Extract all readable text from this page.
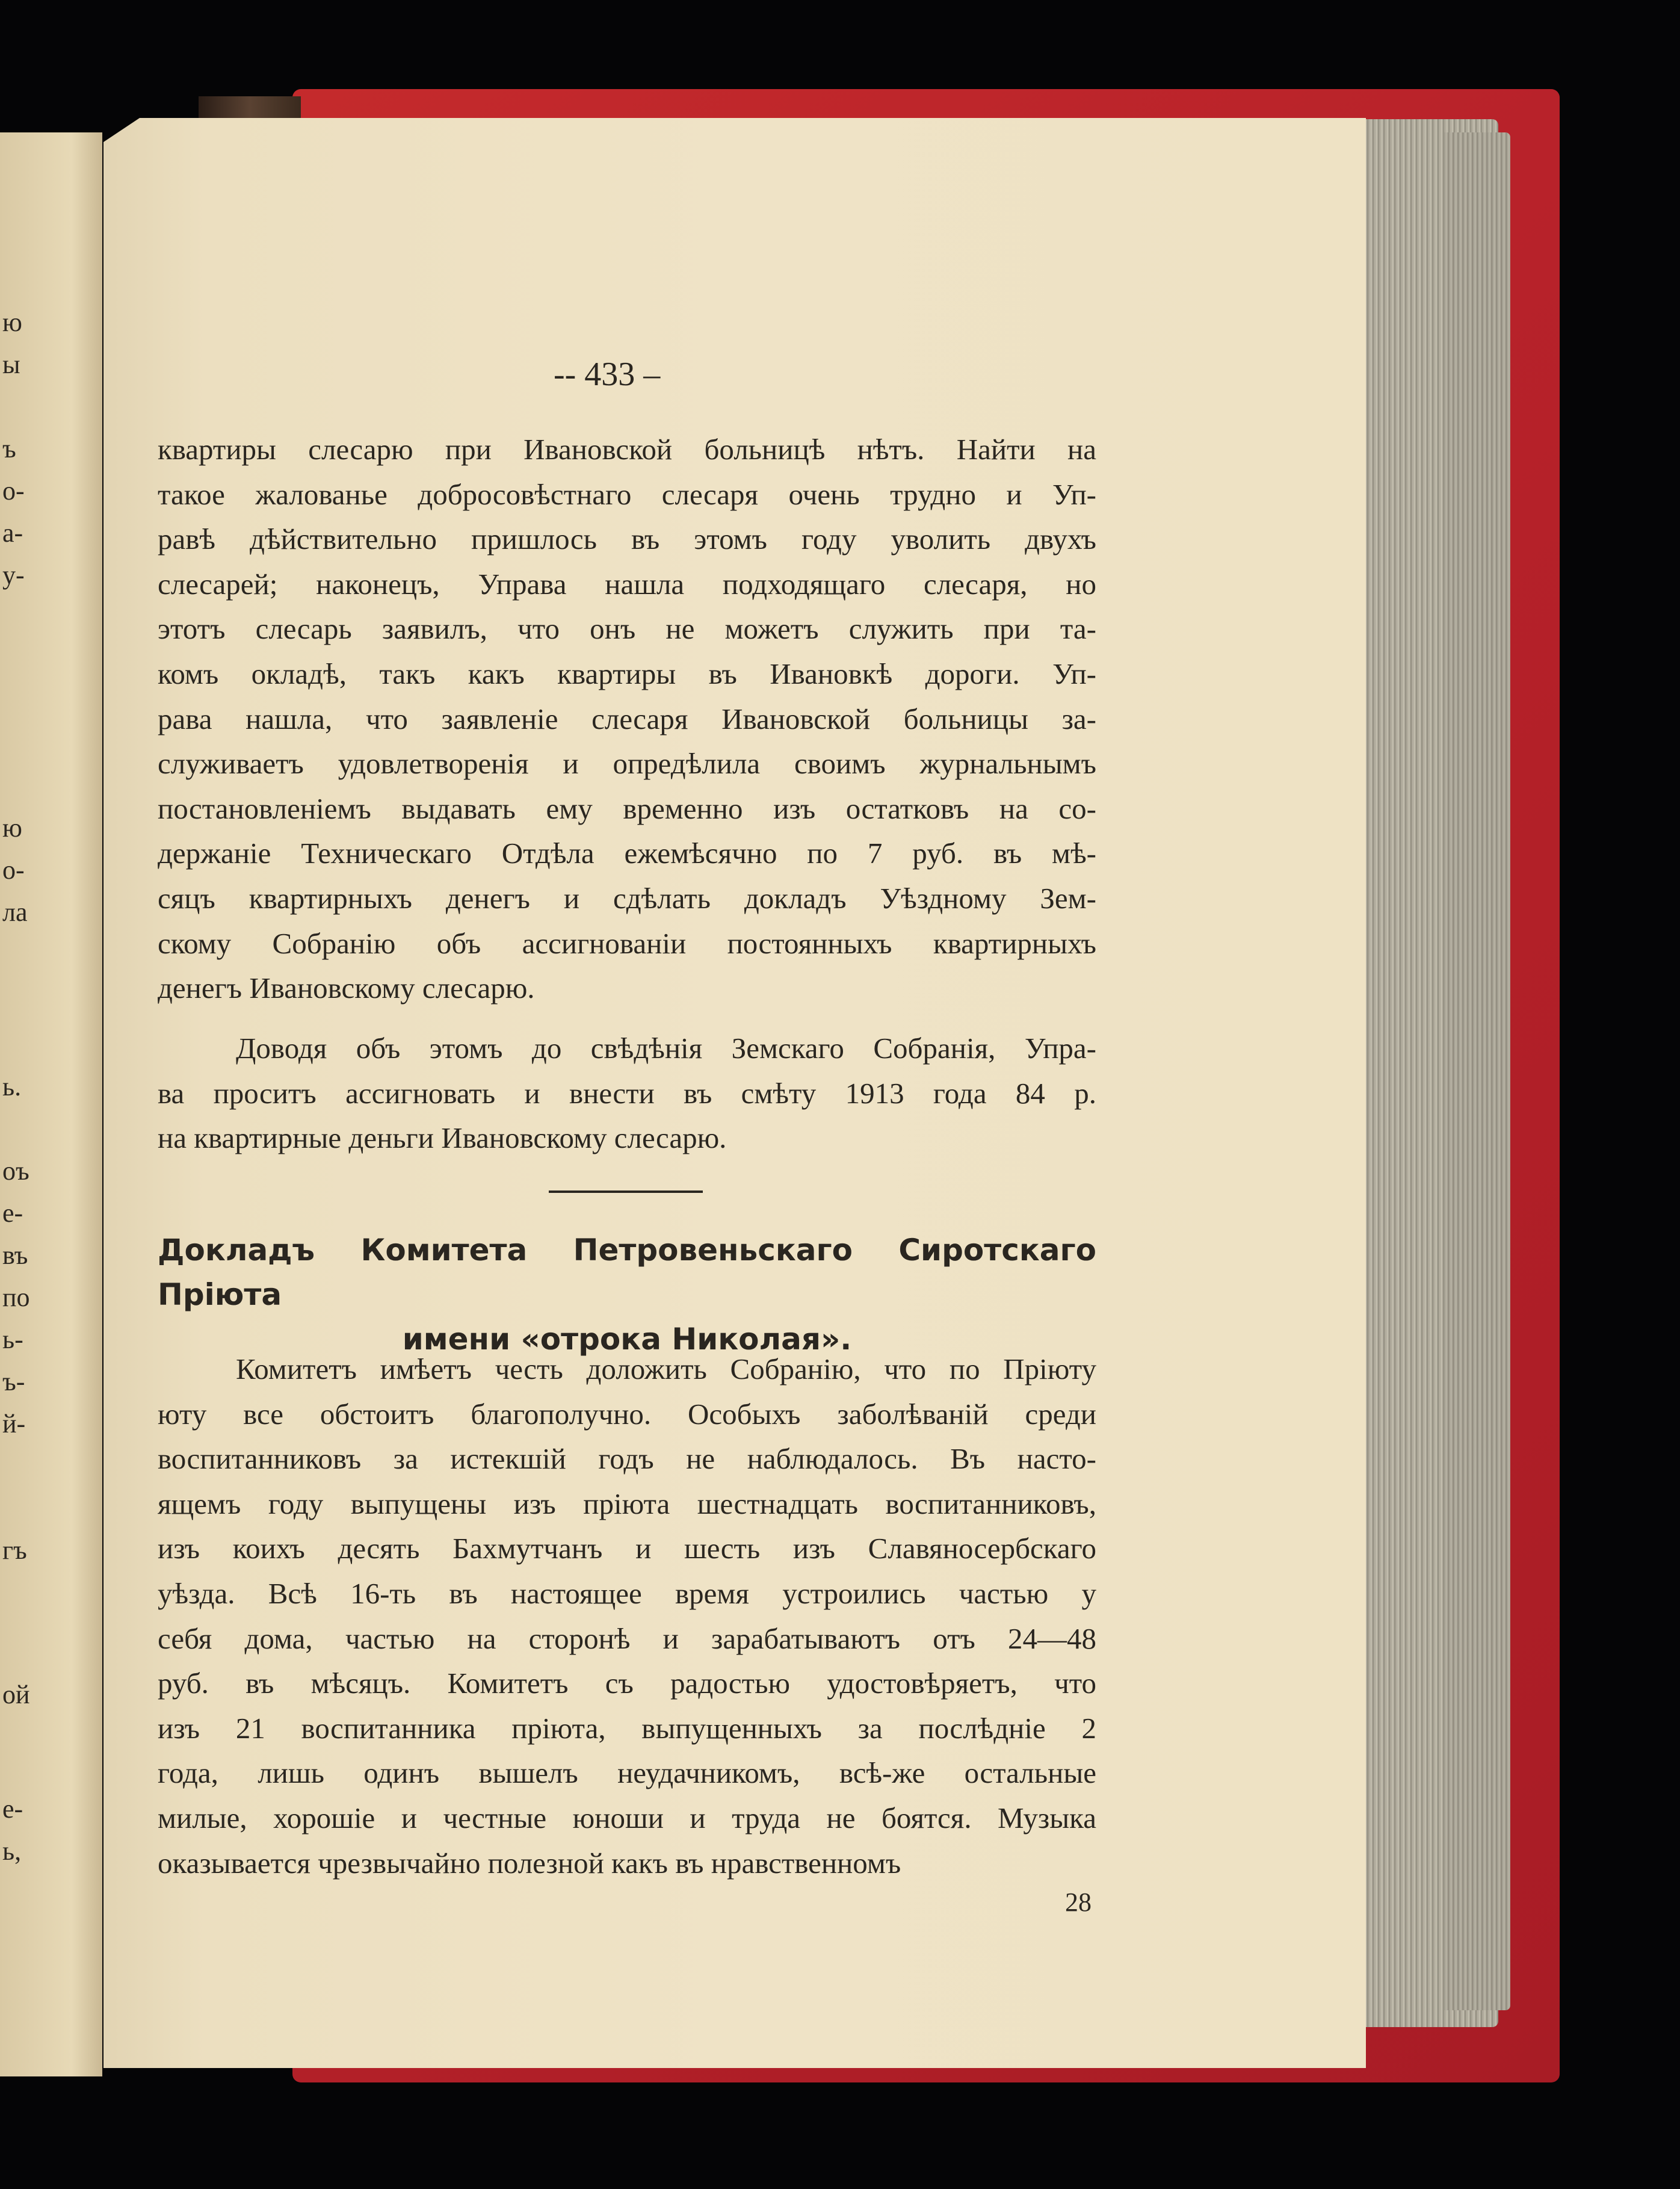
ю
ы
ъ
о-
а-
у-
ю
о-
ла
ь.
оъ
е-
въ
по
ь-
ъ-
й-
гъ
ой
е-
ь,
-- 433 –

квартиры слесарю при Ивановской больницѣ нѣтъ. Найти на

такое жалованье добросовѣстнаго слесаря очень трудно и Уп-

равѣ дѣйствительно пришлось въ этомъ году уволить двухъ

слесарей; наконецъ, Управа нашла подходящаго слесаря, но

этотъ слесарь заявилъ, что онъ не можетъ служить при та-

комъ окладѣ, такъ какъ квартиры въ Ивановкѣ дороги. Уп-

рава нашла, что заявленіе слесаря Ивановской больницы за-

служиваетъ удовлетворенія и опредѣлила своимъ журнальнымъ

постановленіемъ выдавать ему временно изъ остатковъ на со-

держаніе Техническаго Отдѣла ежемѣсячно по 7 руб. въ мѣ-

сяцъ квартирныхъ денегъ и сдѣлать докладъ Уѣздному Зем-

скому Собранію объ ассигнованіи постоянныхъ квартирныхъ

денегъ Ивановскому слесарю.

Доводя объ этомъ до свѣдѣнія Земскаго Собранія, Упра-

ва проситъ ассигновать и внести въ смѣту 1913 года 84 р.

на квартирные деньги Ивановскому слесарю.

Докладъ Комитета Петровеньскаго Сиротскаго Пріюта
имени «отрока Николая».

Комитетъ имѣетъ честь доложить Собранію, что по Пріюту

юту все обстоитъ благополучно. Особыхъ заболѣваній среди

воспитанниковъ за истекшій годъ не наблюдалось. Въ насто-

ящемъ году выпущены изъ пріюта шестнадцать воспитанниковъ,

изъ коихъ десять Бахмутчанъ и шесть изъ Славяносербскаго

уѣзда. Всѣ 16-ть въ настоящее время устроились частью у

себя дома, частью на сторонѣ и зарабатываютъ отъ 24—48

руб. въ мѣсяцъ. Комитетъ съ радостью удостовѣряетъ, что

изъ 21 воспитанника пріюта, выпущенныхъ за послѣдніе 2

года, лишь одинъ вышелъ неудачникомъ, всѣ-же остальные

милые, хорошіе и честные юноши и труда не боятся. Музыка

оказывается чрезвычайно полезной какъ въ нравственномъ

28
